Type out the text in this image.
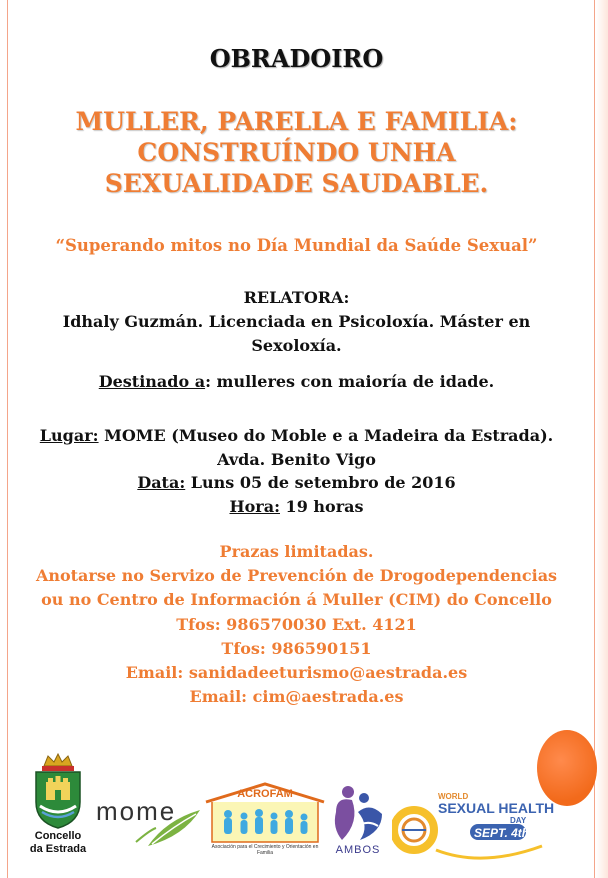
OBRADOIRO
MULLER, PARELLA E FAMILIA:
CONSTRUÍNDO UNHA
SEXUALIDADE SAUDABLE.
“Superando mitos no Día Mundial da Saúde Sexual”
RELATORA:
Idhaly Guzmán. Licenciada en Psicoloxía. Máster en
Sexoloxía.
Destinado a: mulleres con maioría de idade.
Lugar: MOME (Museo do Moble e a Madeira da Estrada).
Avda. Benito Vigo
Data: Luns 05 de setembro de 2016
Hora: 19 horas
Prazas limitadas.
Anotarse no Servizo de Prevención de Drogodependencias
ou no Centro de Información á Muller (CIM) do Concello
Tfos: 986570030 Ext. 4121
Tfos: 986590151
Email: sanidadeeturismo@aestrada.es
Email: cim@aestrada.es
Concello
da Estrada
mome
ACROFAM
Asociación para el Crecimiento y Orientación en Familia	AMBOS
WORLD
SEXUAL HEALTH
DAY
SEPT. 4th
